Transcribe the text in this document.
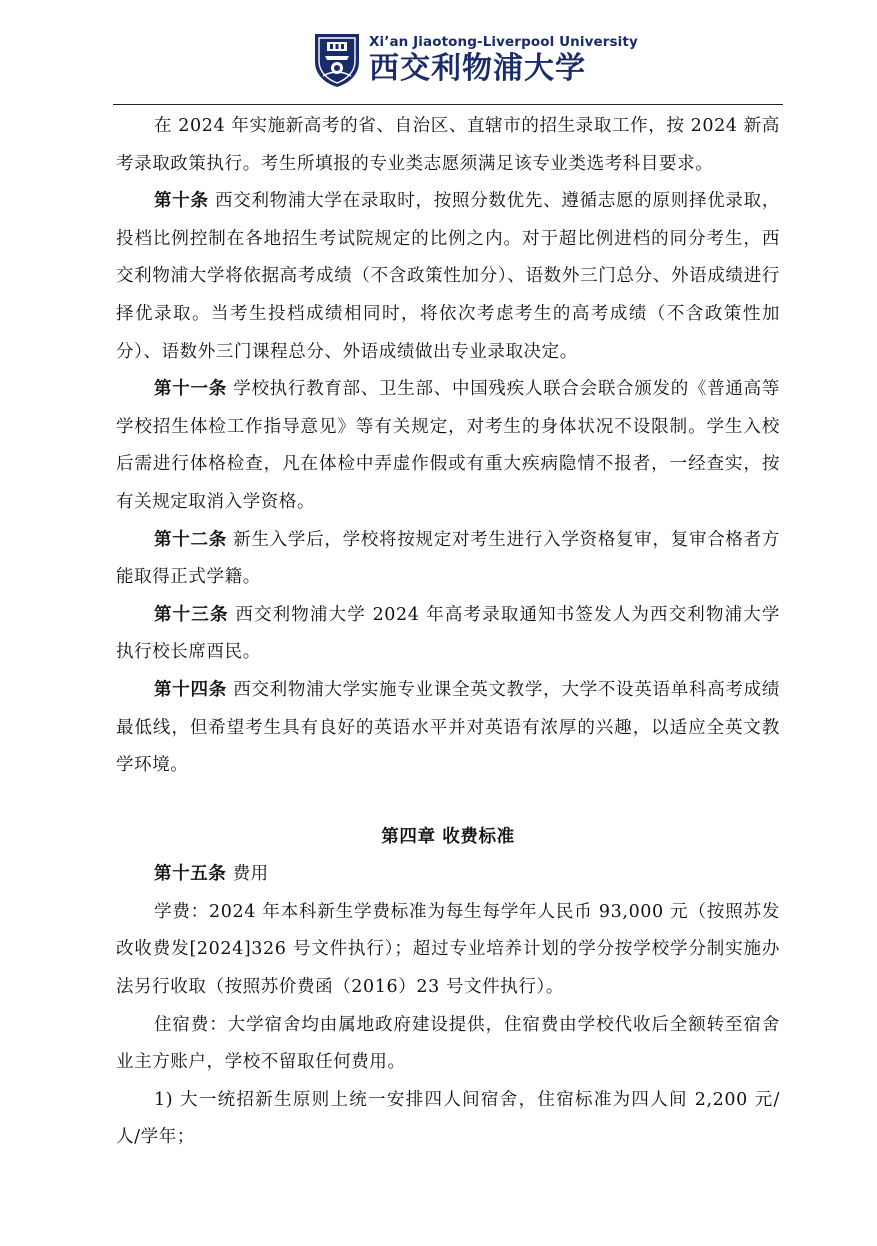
Xi’an Jiaotong-Liverpool University
西交利物浦大学

在 2024 年实施新高考的省、自治区、直辖市的招生录取工作，按 2024 新高考录取政策执行。考生所填报的专业类志愿须满足该专业类选考科目要求。

第十条 西交利物浦大学在录取时，按照分数优先、遵循志愿的原则择优录取，投档比例控制在各地招生考试院规定的比例之内。对于超比例进档的同分考生，西交利物浦大学将依据高考成绩（不含政策性加分）、语数外三门总分、外语成绩进行择优录取。当考生投档成绩相同时，将依次考虑考生的高考成绩（不含政策性加分）、语数外三门课程总分、外语成绩做出专业录取决定。

第十一条 学校执行教育部、卫生部、中国残疾人联合会联合颁发的《普通高等学校招生体检工作指导意见》等有关规定，对考生的身体状况不设限制。学生入校后需进行体格检查，凡在体检中弄虚作假或有重大疾病隐情不报者，一经查实，按有关规定取消入学资格。

第十二条 新生入学后，学校将按规定对考生进行入学资格复审，复审合格者方能取得正式学籍。

第十三条 西交利物浦大学 2024 年高考录取通知书签发人为西交利物浦大学执行校长席酉民。

第十四条 西交利物浦大学实施专业课全英文教学，大学不设英语单科高考成绩最低线，但希望考生具有良好的英语水平并对英语有浓厚的兴趣，以适应全英文教学环境。

第四章 收费标准

第十五条 费用

学费：2024 年本科新生学费标准为每生每学年人民币 93,000 元（按照苏发改收费发[2024]326 号文件执行）；超过专业培养计划的学分按学校学分制实施办法另行收取（按照苏价费函（2016）23 号文件执行）。

住宿费：大学宿舍均由属地政府建设提供，住宿费由学校代收后全额转至宿舍业主方账户，学校不留取任何费用。

1) 大一统招新生原则上统一安排四人间宿舍，住宿标准为四人间 2,200 元/人/学年；
